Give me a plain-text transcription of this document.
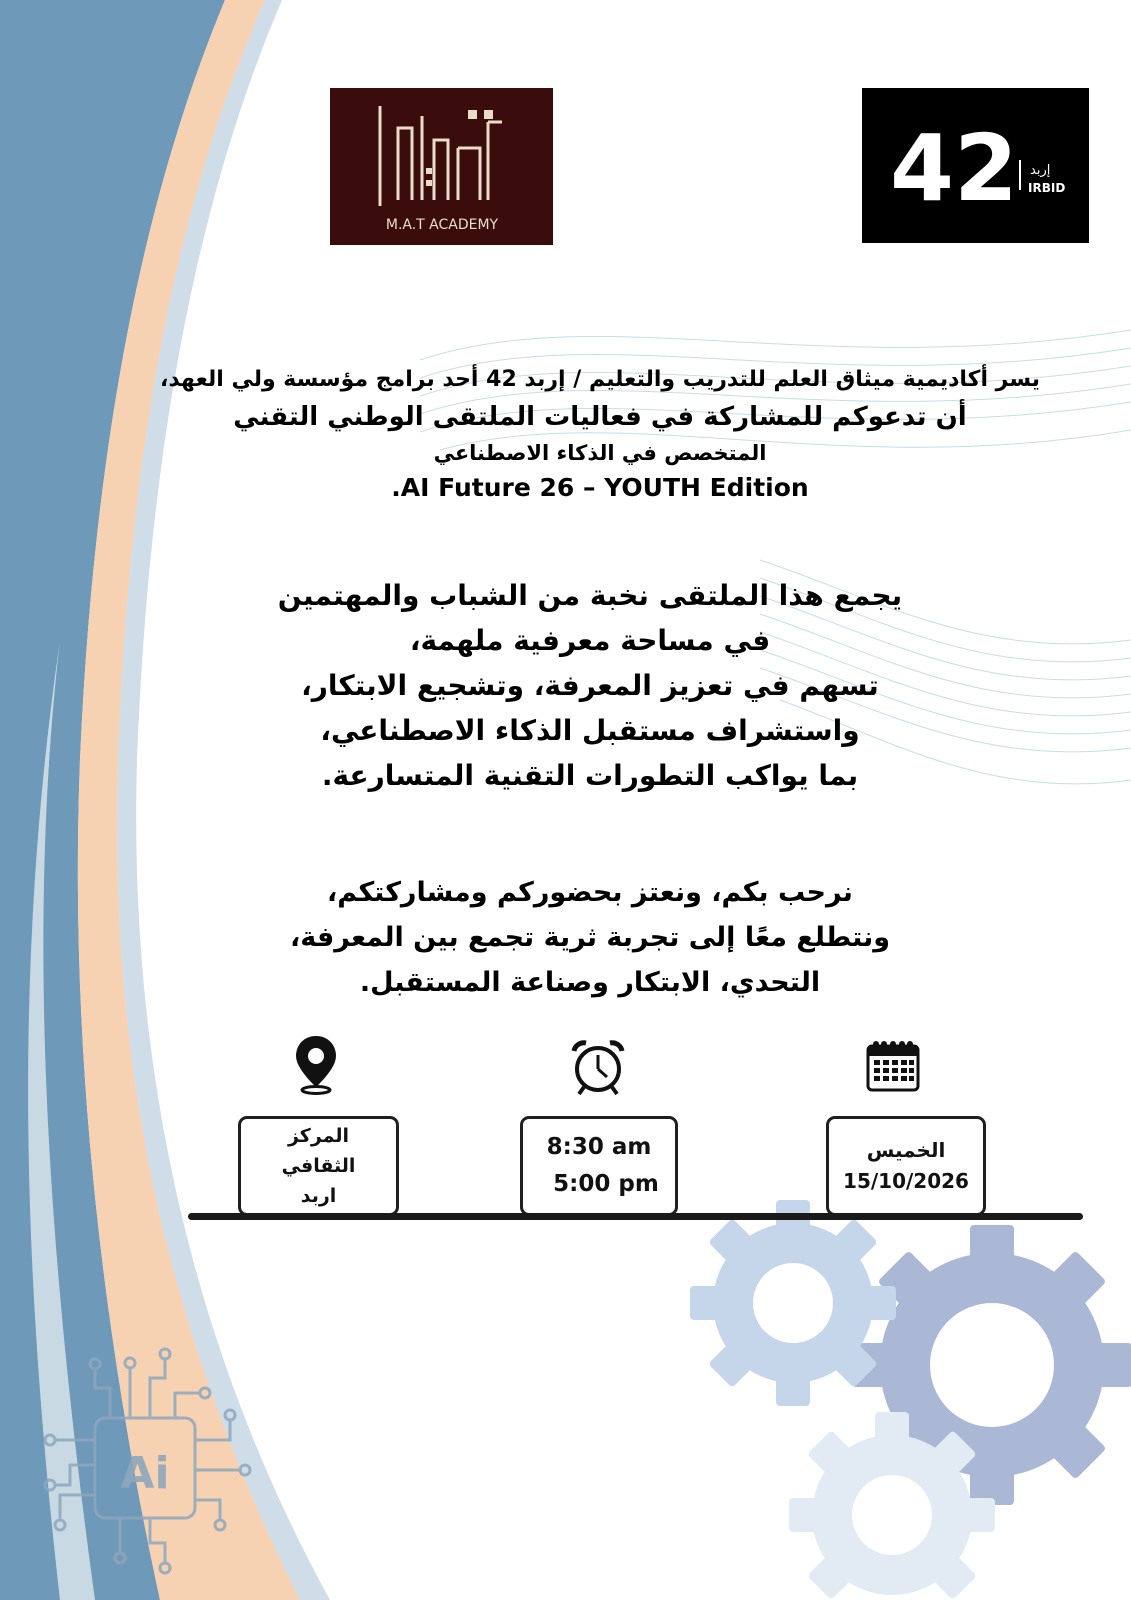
Ai
M.A.T ACADEMY
42 إربد
IRBID
يسر أكاديمية ميثاق العلم للتدريب والتعليم / إربد 42 أحد برامج مؤسسة ولي العهد،
أن تدعوكم للمشاركة في فعاليات الملتقى الوطني التقني
المتخصص في الذكاء الاصطناعي
.AI Future 26 – YOUTH Edition
يجمع هذا الملتقى نخبة من الشباب والمهتمين
في مساحة معرفية ملهمة،
تسهم في تعزيز المعرفة، وتشجيع الابتكار،
واستشراف مستقبل الذكاء الاصطناعي،
بما يواكب التطورات التقنية المتسارعة.
نرحب بكم، ونعتز بحضوركم ومشاركتكم،
ونتطلع معًا إلى تجربة ثرية تجمع بين المعرفة،
التحدي، الابتكار وصناعة المستقبل.
المركز
الثقافي
اربد
8:30 am
5:00 pm
الخميس
15/10/2026
